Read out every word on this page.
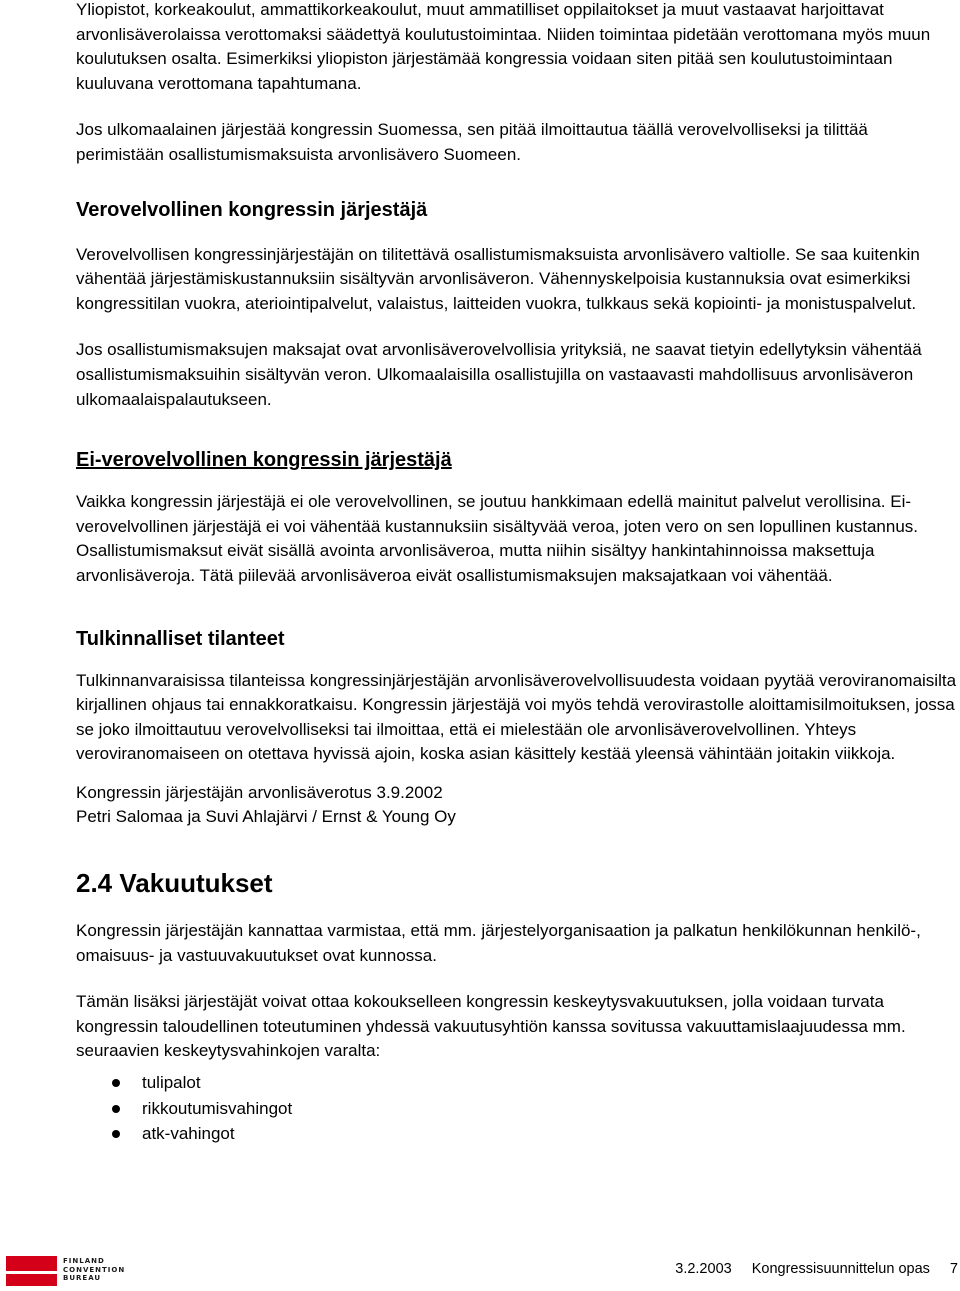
Yliopistot, korkeakoulut, ammattikorkeakoulut, muut ammatilliset oppilaitokset ja muut vastaavat harjoittavat arvonlisäverolaissa verottomaksi säädettyä koulutustoimintaa. Niiden toimintaa pidetään verottomana myös muun koulutuksen osalta. Esimerkiksi yliopiston järjestämää kongressia voidaan siten pitää sen koulutustoimintaan kuuluvana verottomana tapahtumana.

Jos ulkomaalainen järjestää kongressin Suomessa, sen pitää ilmoittautua täällä verovelvolliseksi ja tilittää perimistään osallistumismaksuista arvonlisävero Suomeen.

Verovelvollinen kongressin järjestäjä

Verovelvollisen kongressinjärjestäjän on tilitettävä osallistumismaksuista arvonlisävero valtiolle. Se saa kuitenkin vähentää järjestämiskustannuksiin sisältyvän arvonlisäveron. Vähennyskelpoisia kustannuksia ovat esimerkiksi kongressitilan vuokra, ateriointipalvelut, valaistus, laitteiden vuokra, tulkkaus sekä kopiointi- ja monistuspalvelut.

Jos osallistumismaksujen maksajat ovat arvonlisäverovelvollisia yrityksiä, ne saavat tietyin edellytyksin vähentää osallistumismaksuihin sisältyvän veron. Ulkomaalaisilla osallistujilla on vastaavasti mahdollisuus arvonlisäveron ulkomaalaispalautukseen.

Ei-verovelvollinen kongressin järjestäjä

Vaikka kongressin järjestäjä ei ole verovelvollinen, se joutuu hankkimaan edellä mainitut palvelut verollisina. Ei-verovelvollinen järjestäjä ei voi vähentää kustannuksiin sisältyvää veroa, joten vero on sen lopullinen kustannus. Osallistumismaksut eivät sisällä avointa arvonlisäveroa, mutta niihin sisältyy hankintahinnoissa maksettuja arvonlisäveroja. Tätä piilevää arvonlisäveroa eivät osallistumismaksujen maksajatkaan voi vähentää.

Tulkinnalliset tilanteet

Tulkinnanvaraisissa tilanteissa kongressinjärjestäjän arvonlisäverovelvollisuudesta voidaan pyytää veroviranomaisilta kirjallinen ohjaus tai ennakkoratkaisu. Kongressin järjestäjä voi myös tehdä verovirastolle aloittamisilmoituksen, jossa se joko ilmoittautuu verovelvolliseksi tai ilmoittaa, että ei mielestään ole arvonlisäverovelvollinen. Yhteys veroviranomaiseen on otettava hyvissä ajoin, koska asian käsittely kestää yleensä vähintään joitakin viikkoja.

Kongressin järjestäjän arvonlisäverotus 3.9.2002

Petri Salomaa ja Suvi Ahlajärvi / Ernst & Young Oy

2.4 Vakuutukset

Kongressin järjestäjän kannattaa varmistaa, että mm. järjestelyorganisaation ja palkatun henkilökunnan henkilö-, omaisuus- ja vastuuvakuutukset ovat kunnossa.

Tämän lisäksi järjestäjät voivat ottaa kokoukselleen kongressin keskeytysvakuutuksen, jolla voidaan turvata kongressin taloudellinen toteutuminen yhdessä vakuutusyhtiön kanssa sovitussa vakuuttamislaajuudessa mm. seuraavien keskeytysvahinkojen varalta:

tulipalot
rikkoutumisvahingot
atk-vahingot
FINLAND
CONVENTION
BUREAU
3.2.2003 Kongressisuunnittelun opas 7
